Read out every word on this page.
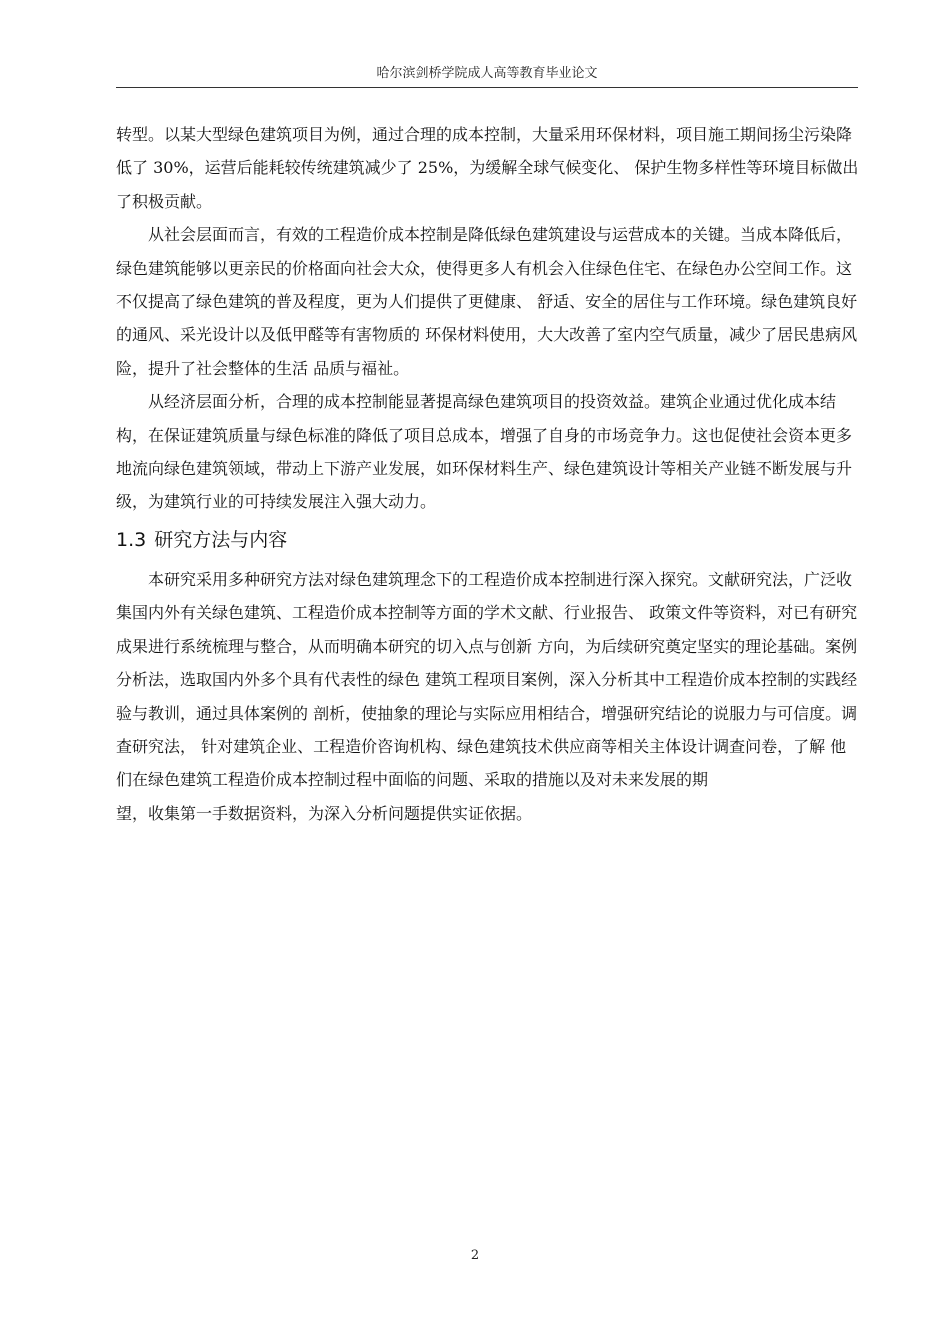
哈尔滨剑桥学院成人高等教育毕业论文

转型。以某大型绿色建筑项目为例，通过合理的成本控制，大量采用环保材料，项目施工期间扬尘污染降低了 30%，运营后能耗较传统建筑减少了 25%，为缓解全球气候变化、 保护生物多样性等环境目标做出了积极贡献。

从社会层面而言，有效的工程造价成本控制是降低绿色建筑建设与运营成本的关键。当成本降低后，绿色建筑能够以更亲民的价格面向社会大众，使得更多人有机会入住绿色住宅、在绿色办公空间工作。这不仅提高了绿色建筑的普及程度，更为人们提供了更健康、 舒适、安全的居住与工作环境。绿色建筑良好的通风、采光设计以及低甲醛等有害物质的 环保材料使用，大大改善了室内空气质量，减少了居民患病风险，提升了社会整体的生活 品质与福祉。

从经济层面分析，合理的成本控制能显著提高绿色建筑项目的投资效益。建筑企业通过优化成本结构，在保证建筑质量与绿色标准的降低了项目总成本，增强了自身的市场竞争力。这也促使社会资本更多地流向绿色建筑领域，带动上下游产业发展，如环保材料生产、绿色建筑设计等相关产业链不断发展与升级，为建筑行业的可持续发展注入强大动力。

1.3 研究方法与内容

本研究采用多种研究方法对绿色建筑理念下的工程造价成本控制进行深入探究。文献研究法，广泛收集国内外有关绿色建筑、工程造价成本控制等方面的学术文献、行业报告、 政策文件等资料，对已有研究成果进行系统梳理与整合，从而明确本研究的切入点与创新 方向，为后续研究奠定坚实的理论基础。案例分析法，选取国内外多个具有代表性的绿色 建筑工程项目案例，深入分析其中工程造价成本控制的实践经验与教训，通过具体案例的 剖析，使抽象的理论与实际应用相结合，增强研究结论的说服力与可信度。调查研究法， 针对建筑企业、工程造价咨询机构、绿色建筑技术供应商等相关主体设计调查问卷，了解 他们在绿色建筑工程造价成本控制过程中面临的问题、采取的措施以及对未来发展的期

望，收集第一手数据资料，为深入分析问题提供实证依据。

2
